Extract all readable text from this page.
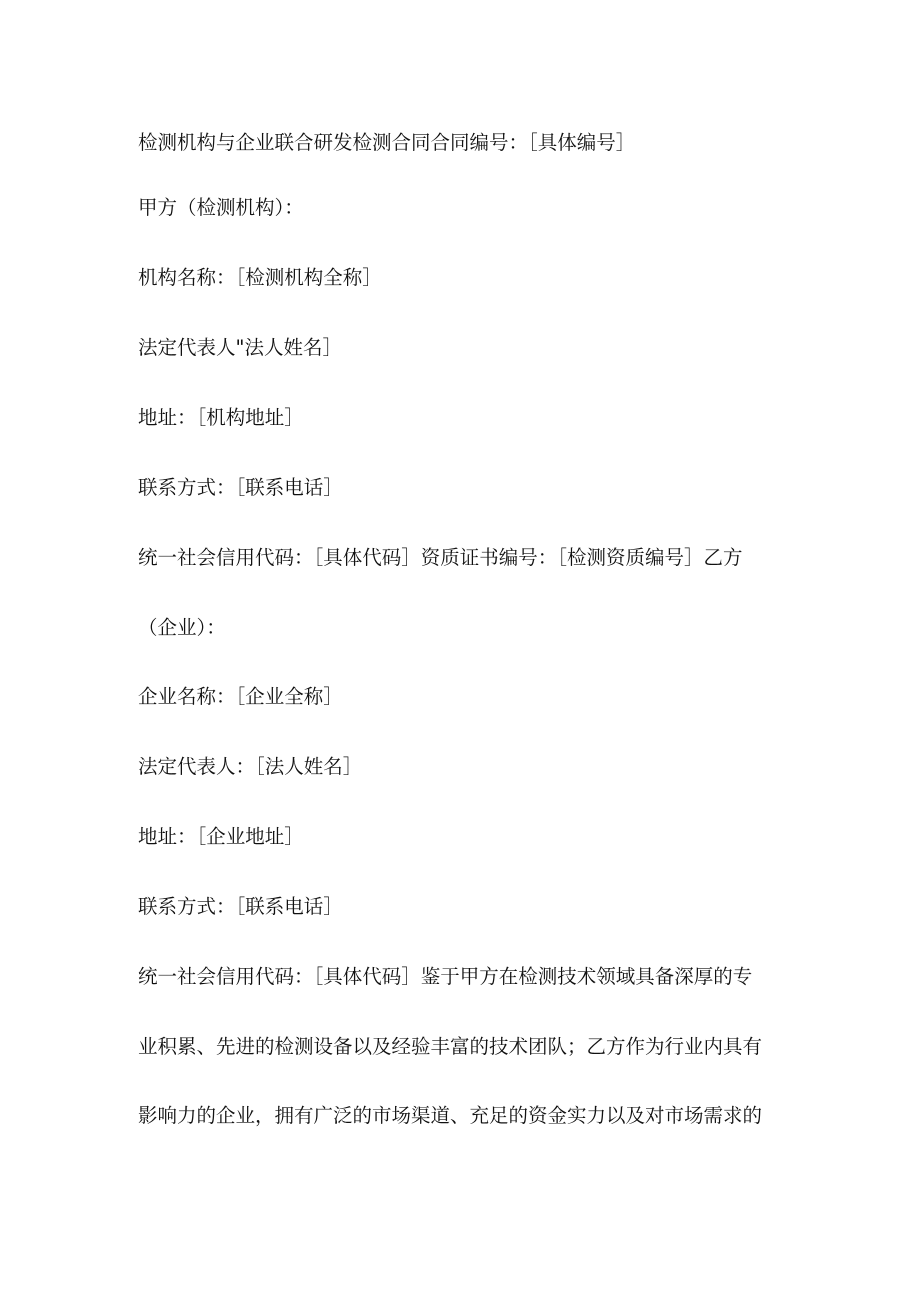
检测机构与企业联合研发检测合同合同编号：［具体编号］

甲方（检测机构）：

机构名称：［检测机构全称］

法定代表人"法人姓名］

地址：［机构地址］

联系方式：［联系电话］

统一社会信用代码：［具体代码］资质证书编号：［检测资质编号］乙方

（企业）：

企业名称：［企业全称］

法定代表人：［法人姓名］

地址：［企业地址］

联系方式：［联系电话］

统一社会信用代码：［具体代码］鉴于甲方在检测技术领域具备深厚的专

业积累、先进的检测设备以及经验丰富的技术团队；乙方作为行业内具有

影响力的企业，拥有广泛的市场渠道、充足的资金实力以及对市场需求的
